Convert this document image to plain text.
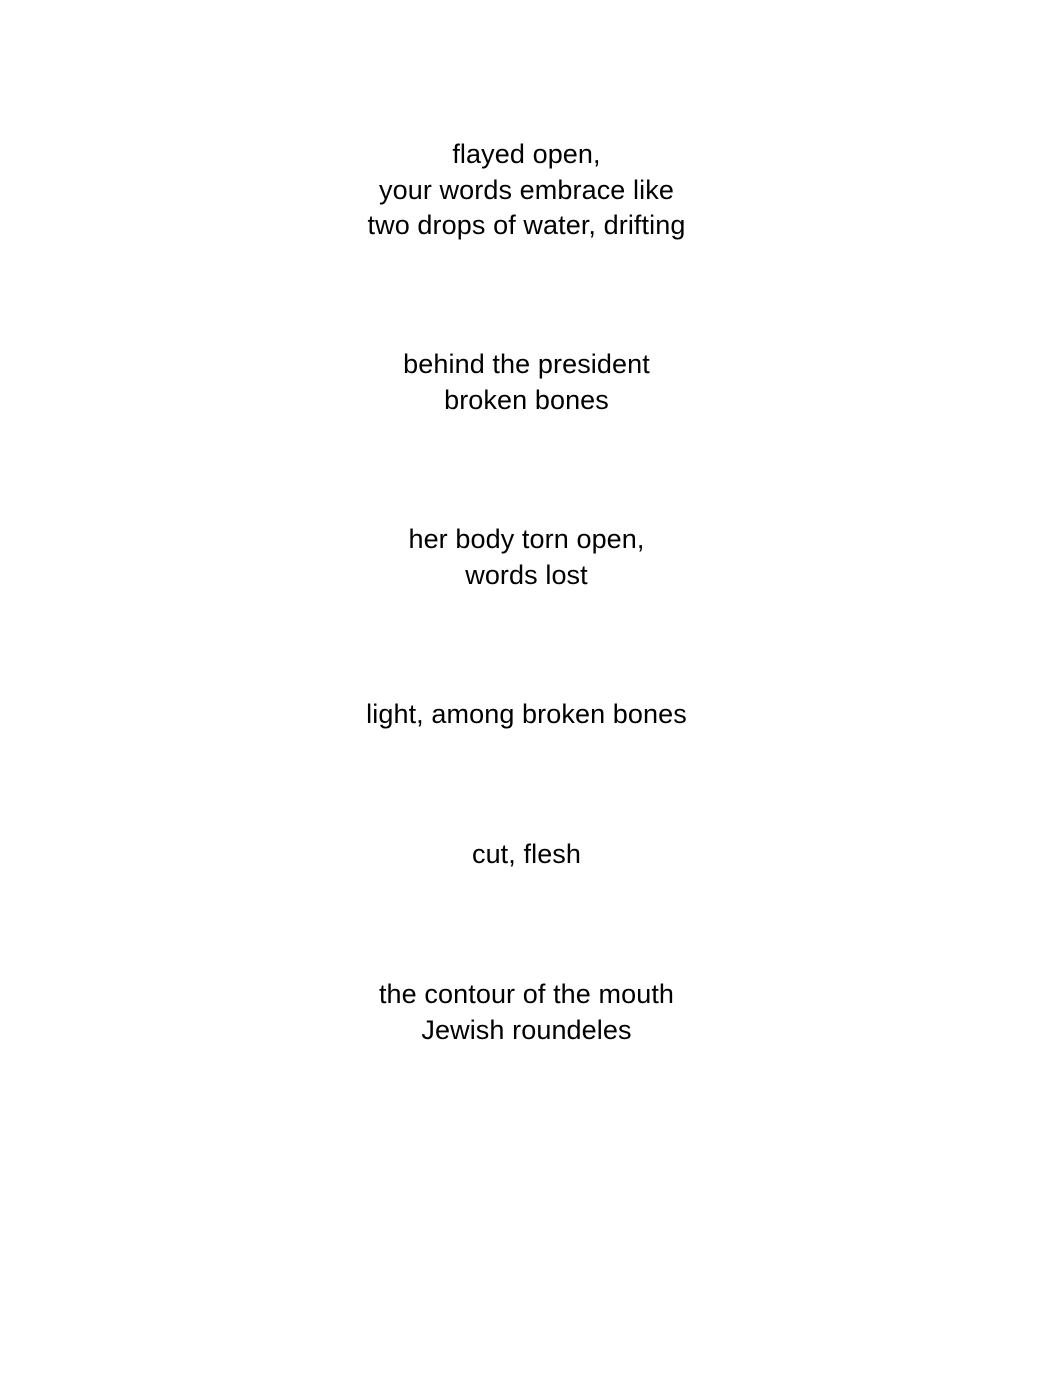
flayed open,
your words embrace like
two drops of water, drifting
behind the president
broken bones
her body torn open,
words lost
light, among broken bones
cut, flesh
the contour of the mouth
Jewish roundeles
